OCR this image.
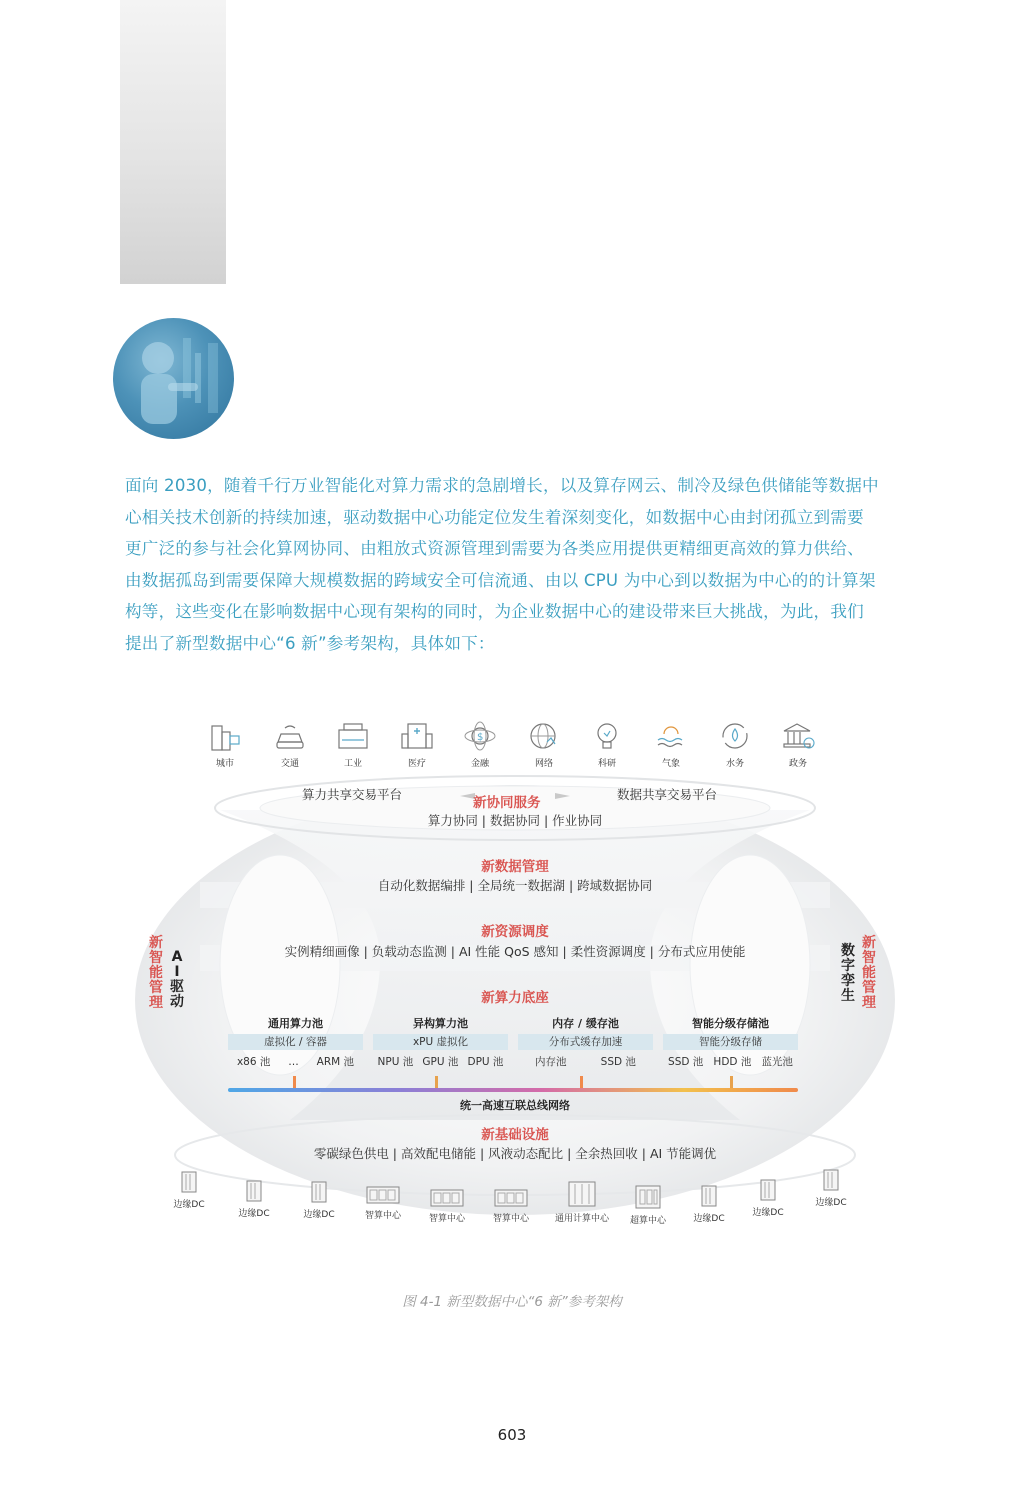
面向 2030，随着千行万业智能化对算力需求的急剧增长，以及算存网云、制冷及绿色供储能等数据中

心相关技术创新的持续加速，驱动数据中心功能定位发生着深刻变化，如数据中心由封闭孤立到需要

更广泛的参与社会化算网协同、由粗放式资源管理到需要为各类应用提供更精细更高效的算力供给、

由数据孤岛到需要保障大规模数据的跨域安全可信流通、由以 CPU 为中心到以数据为中心的的计算架

构等，这些变化在影响数据中心现有架构的同时，为企业数据中心的建设带来巨大挑战，为此，我们

提出了新型数据中心“6 新”参考架构，具体如下：

城市	交通	工业	医疗
$
金融	网络	科研	气象	水务	政务
算力共享交易平台
新协同服务
数据共享交易平台
算力协同 | 数据协同 | 作业协同
新数据管理
自动化数据编排 | 全局统一数据湖 | 跨域数据协同
新资源调度
实例精细画像 | 负载动态监测 | AI 性能 QoS 感知 | 柔性资源调度 | 分布式应用使能
新算力底座
通用算力池
虚拟化 / 容器
x86 池 … ARM 池
异构算力池
xPU 虚拟化
NPU 池 GPU 池 DPU 池
内存 / 缓存池
分布式缓存加速
内存池	SSD 池
智能分级存储池
智能分级存储
SSD 池 HDD 池 蓝光池
统一高速互联总线网络
新基础设施
零碳绿色供电 | 高效配电储能 | 风液动态配比 | 全余热回收 | AI 节能调优
新
智
能
管
理
A
I
驱
动
数
字
孪
生
新
智
能
管
理
边缘DC
边缘DC	边缘DC	智算中心	智算中心	智算中心	通用计算中心	超算中心	边缘DC
边缘DC
边缘DC
图 4-1 新型数据中心“6 新”参考架构
603
